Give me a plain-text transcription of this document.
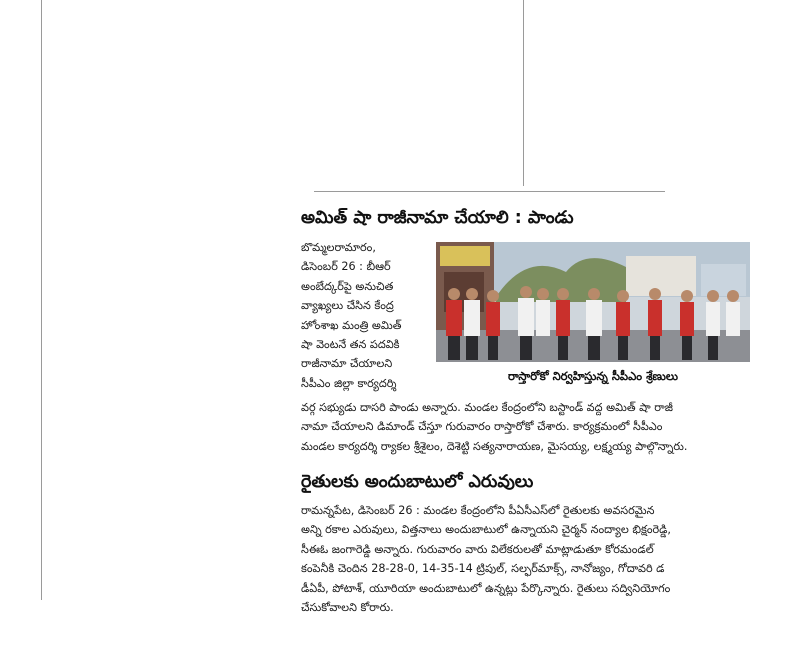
అమిత్ షా రాజీనామా చేయాలి : పాండు
బొమ్మలరామారం,
డిసెంబర్ 26 : బీఆర్
అంబేద్కర్‌పై అనుచిత
వ్యాఖ్యలు చేసిన కేంద్ర
హోంశాఖ మంత్రి అమిత్
షా వెంటనే తన పదవికి
రాజీనామా చేయాలని
సీపీఎం జిల్లా కార్యదర్శి
రాస్తారోకో నిర్వహిస్తున్న సీపీఎం శ్రేణులు
వర్గ సభ్యుడు దాసరి పాండు అన్నారు. మండల కేంద్రంలోని బస్టాండ్ వద్ద అమిత్ షా రాజీ
నామా చేయాలని డిమాండ్ చేస్తూ గురువారం రాస్తారోకో చేశారు. కార్యక్రమంలో సీపీఎం
మండల కార్యదర్శి ర్యాకల శ్రీశైలం, దెశెట్టి సత్యనారాయణ, మైసయ్య, లక్ష్మయ్య పాల్గొన్నారు.
రైతులకు అందుబాటులో ఎరువులు
రామన్నపేట, డిసెంబర్ 26 : మండల కేంద్రంలోని పీఏసీఎస్‌లో రైతులకు అవసరమైన
అన్ని రకాల ఎరువులు, విత్తనాలు అందుబాటులో ఉన్నాయని చైర్మన్ నంద్యాల భిక్షంరెడ్డి,
సీఈఓ జంగారెడ్డి అన్నారు. గురువారం వారు విలేకరులతో మాట్లాడుతూ కోరమండల్
కంపెనీకి చెందిన 28-28-0, 14-35-14 ట్రిపుల్, సల్ఫర్‌మాక్స్, నానోజ్యం, గోదావరి డ
డీఏపీ, పోటాశ్, యూరియా అందుబాటులో ఉన్నట్లు పేర్కొన్నారు. రైతులు సద్వినియోగం
చేసుకోవాలని కోరారు.
